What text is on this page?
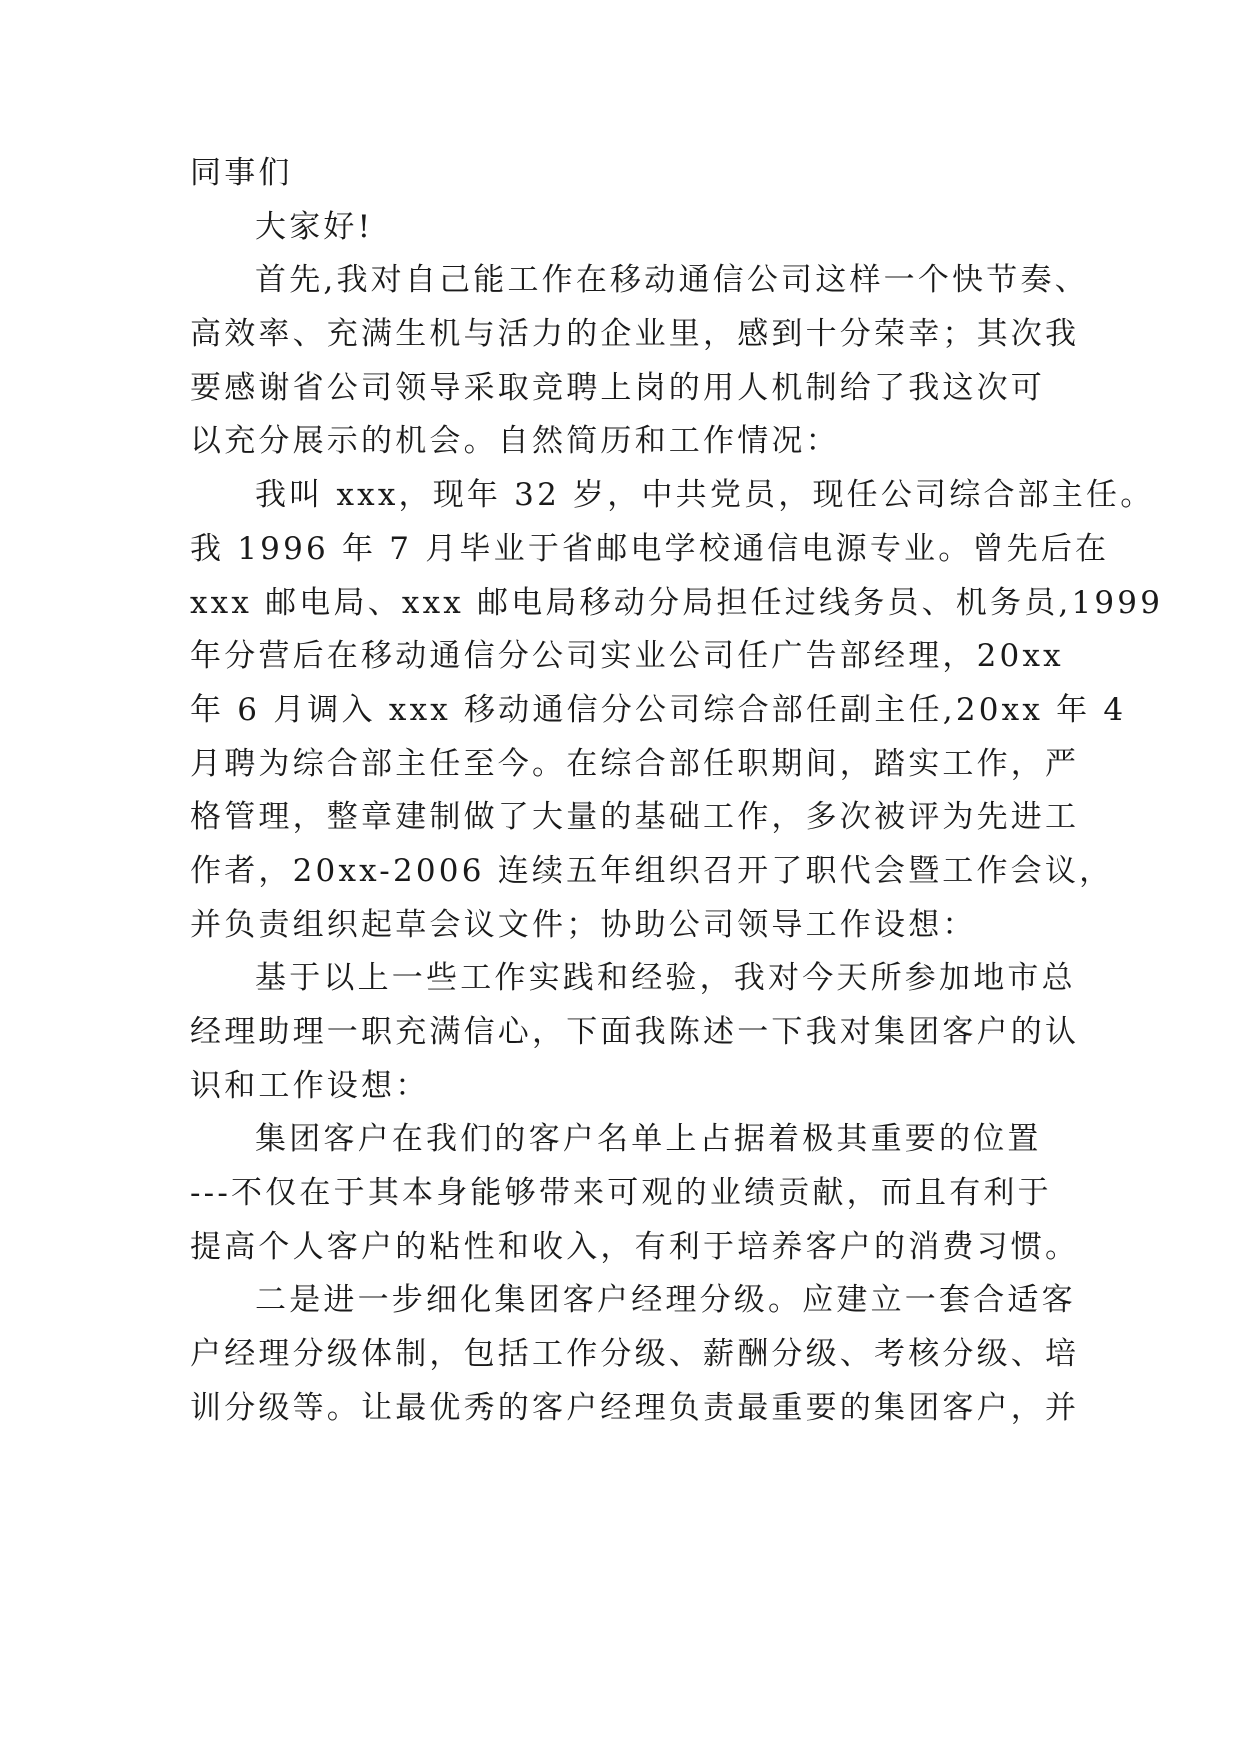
同事们
大家好!
首先,我对自己能工作在移动通信公司这样一个快节奏、
高效率、充满生机与活力的企业里，感到十分荣幸；其次我
要感谢省公司领导采取竞聘上岗的用人机制给了我这次可
以充分展示的机会。自然简历和工作情况：
我叫 xxx，现年 32 岁，中共党员，现任公司综合部主任。
我 1996 年 7 月毕业于省邮电学校通信电源专业。曾先后在
xxx 邮电局、xxx 邮电局移动分局担任过线务员、机务员,1999
年分营后在移动通信分公司实业公司任广告部经理，20xx
年 6 月调入 xxx 移动通信分公司综合部任副主任,20xx 年 4
月聘为综合部主任至今。在综合部任职期间，踏实工作，严
格管理，整章建制做了大量的基础工作，多次被评为先进工
作者，20xx-2006 连续五年组织召开了职代会暨工作会议，
并负责组织起草会议文件；协助公司领导工作设想：
基于以上一些工作实践和经验，我对今天所参加地市总
经理助理一职充满信心，下面我陈述一下我对集团客户的认
识和工作设想：
集团客户在我们的客户名单上占据着极其重要的位置
---不仅在于其本身能够带来可观的业绩贡献，而且有利于
提高个人客户的粘性和收入，有利于培养客户的消费习惯。
二是进一步细化集团客户经理分级。应建立一套合适客
户经理分级体制，包括工作分级、薪酬分级、考核分级、培
训分级等。让最优秀的客户经理负责最重要的集团客户，并
